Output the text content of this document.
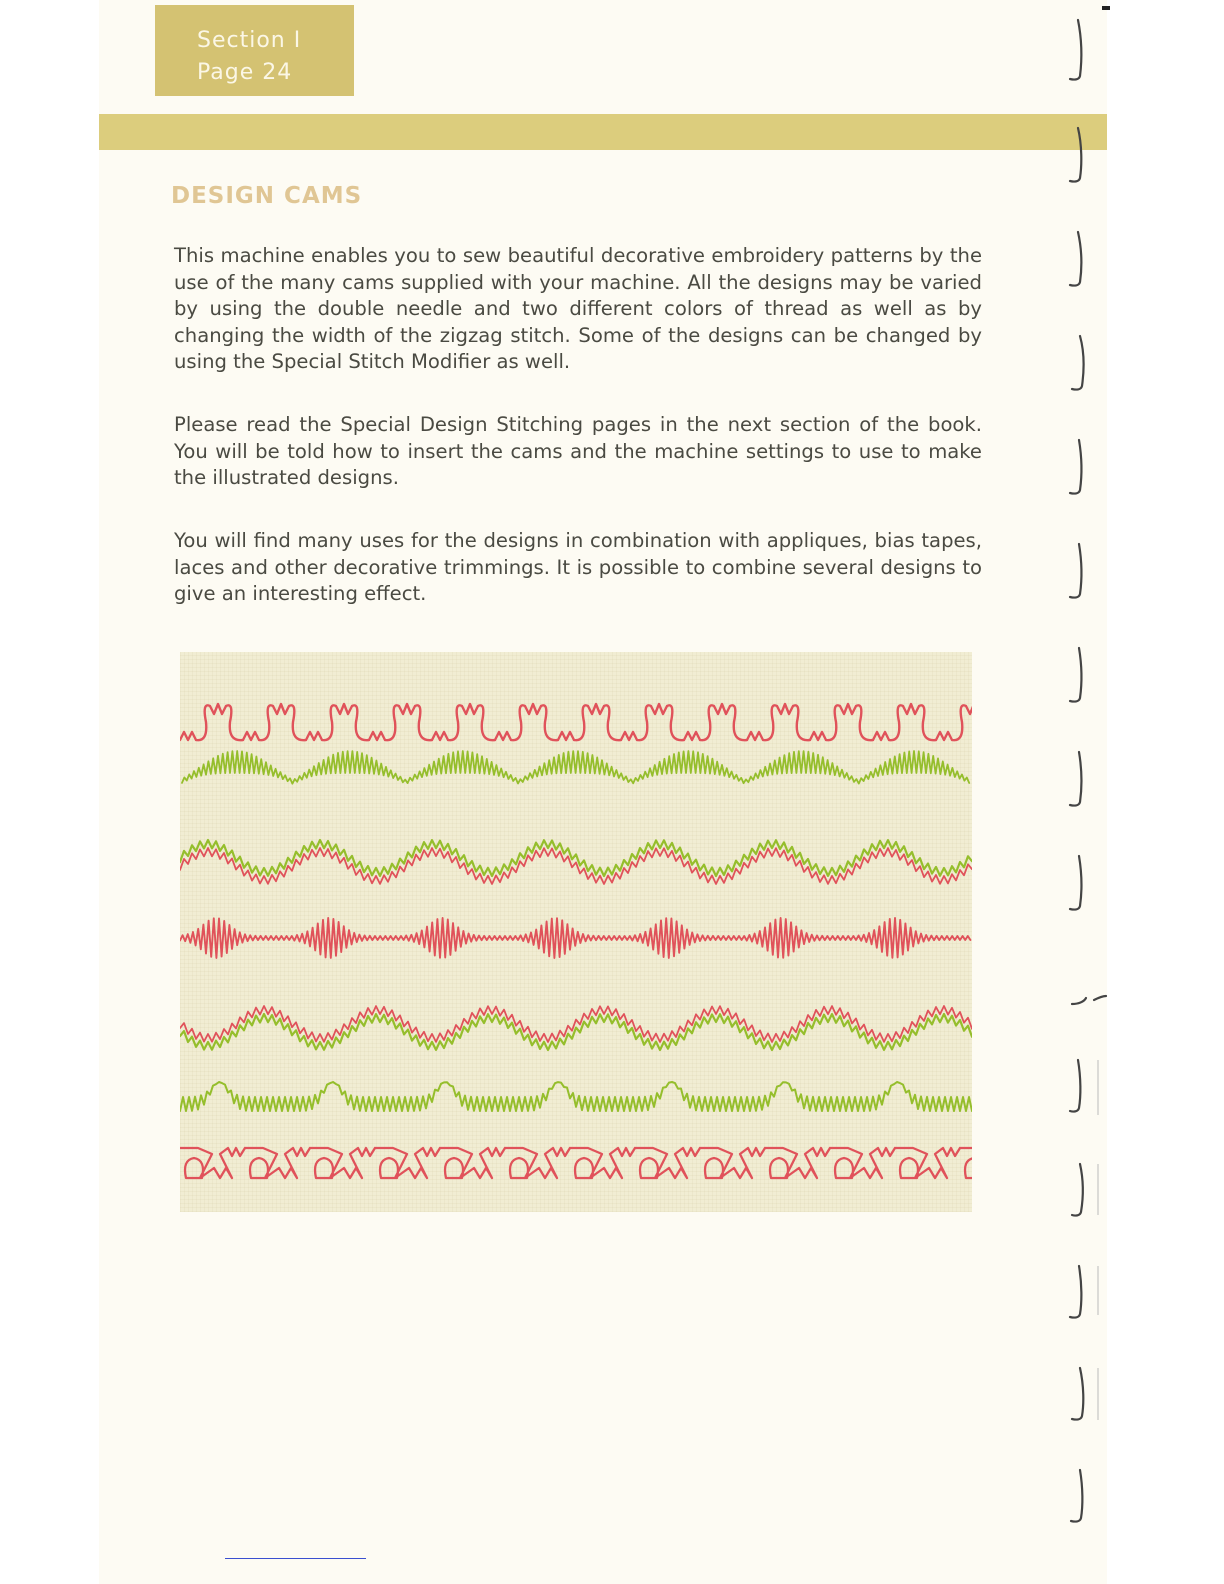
Section I
Page 24
DESIGN CAMS

This machine enables you to sew beautiful decorative embroidery patterns by the use of the many cams supplied with your machine. All the designs may be varied by using the double needle and two different colors of thread as well as by changing the width of the zigzag stitch. Some of the designs can be changed by using the Special Stitch Modifier as well.

Please read the Special Design Stitching pages in the next section of the book. You will be told how to insert the cams and the machine settings to use to make the illustrated designs.

You will find many uses for the designs in combination with appliques, bias tapes, laces and other decorative trimmings. It is possible to combine several designs to give an interesting effect.
